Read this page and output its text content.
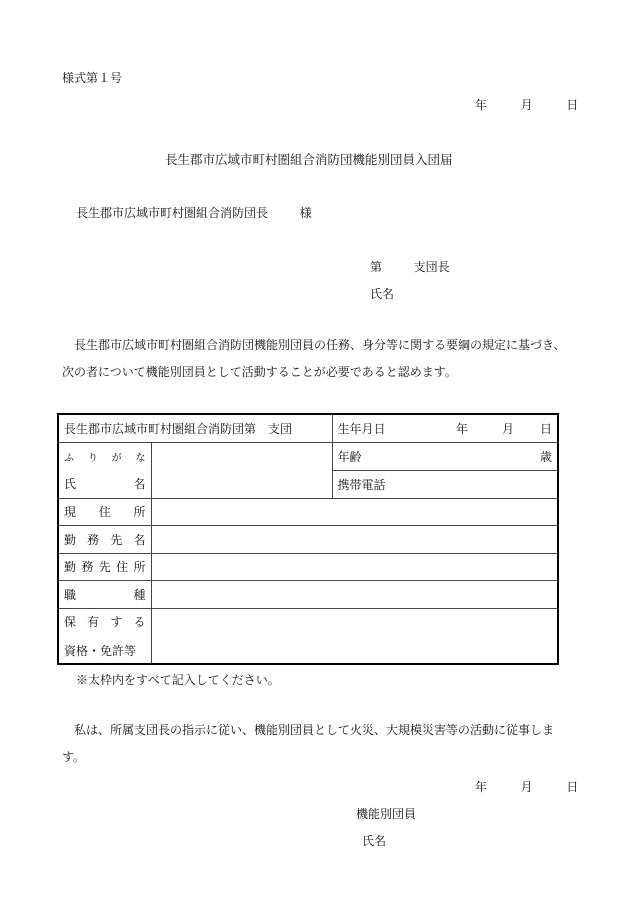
様式第１号
年	月	日
長生郡市広域市町村圏組合消防団機能別団員入団届
長生郡市広域市町村圏組合消防団長	様
第	支団長
氏名
　長生郡市広域市町村圏組合消防団機能別団員の任務、身分等に関する要綱の規定に基づき、次の者について機能別団員として活動することが必要であると認めます。
長生郡市広域市町村圏組合消防団第　支団		生年月日 年 月 日

ふ り が な		年齢 歳

氏 名		携帯電話

現 住 所		

勤 務 先 名		

勤 務 先 住 所		

職 種		

保 有 す る
資格・免許等		

※太枠内をすべて記入してください。
　私は、所属支団長の指示に従い、機能別団員として火災、大規模災害等の活動に従事します。
年	月	日
機能別団員
氏名
